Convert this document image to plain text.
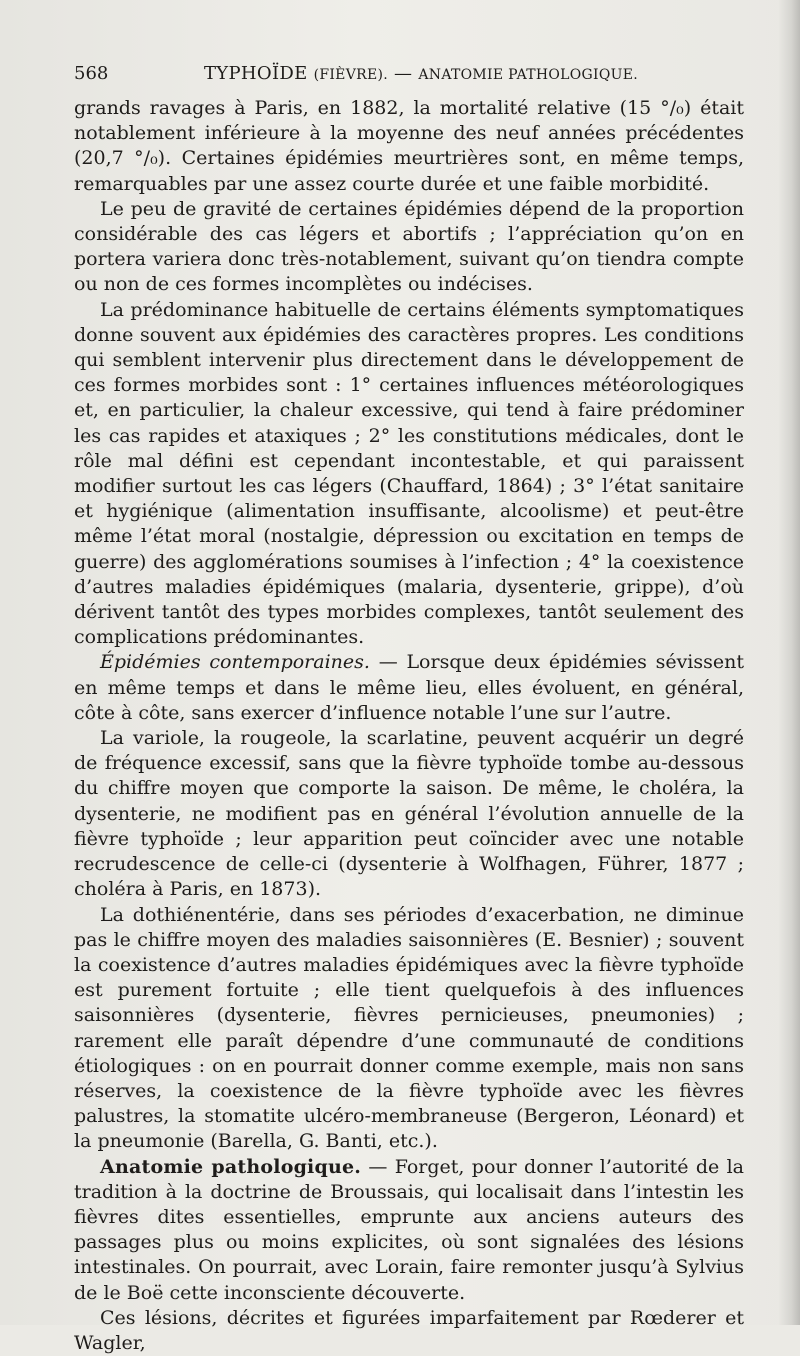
568	TYPHOÏDE (FIÈVRE). — ANATOMIE PATHOLOGIQUE.

grands ravages à Paris, en 1882, la mortalité relative (15 °/₀) était notablement inférieure à la moyenne des neuf années précédentes (20,7 °/₀). Certaines épidémies meurtrières sont, en même temps, remarquables par une assez courte durée et une faible morbidité.

Le peu de gravité de certaines épidémies dépend de la proportion considérable des cas légers et abortifs ; l’appréciation qu’on en portera variera donc très-notablement, suivant qu’on tiendra compte ou non de ces formes incomplètes ou indécises.

La prédominance habituelle de certains éléments symptomatiques donne souvent aux épidémies des caractères propres. Les conditions qui semblent intervenir plus directement dans le développement de ces formes morbides sont : 1° certaines influences météorologiques et, en particulier, la chaleur excessive, qui tend à faire prédominer les cas rapides et ataxiques ; 2° les constitutions médicales, dont le rôle mal défini est cependant incontestable, et qui paraissent modifier surtout les cas légers (Chauffard, 1864) ; 3° l’état sanitaire et hygiénique (alimentation insuffisante, alcoolisme) et peut-être même l’état moral (nostalgie, dépression ou excitation en temps de guerre) des agglomérations soumises à l’infection ; 4° la coexistence d’autres maladies épidémiques (malaria, dysenterie, grippe), d’où dérivent tantôt des types morbides complexes, tantôt seulement des complications prédominantes.

Épidémies contemporaines. — Lorsque deux épidémies sévissent en même temps et dans le même lieu, elles évoluent, en général, côte à côte, sans exercer d’influence notable l’une sur l’autre.

La variole, la rougeole, la scarlatine, peuvent acquérir un degré de fréquence excessif, sans que la fièvre typhoïde tombe au-dessous du chiffre moyen que comporte la saison. De même, le choléra, la dysenterie, ne modifient pas en général l’évolution annuelle de la fièvre typhoïde ; leur apparition peut coïncider avec une notable recrudescence de celle-ci (dysenterie à Wolfhagen, Führer, 1877 ; choléra à Paris, en 1873).

La dothiénentérie, dans ses périodes d’exacerbation, ne diminue pas le chiffre moyen des maladies saisonnières (E. Besnier) ; souvent la coexistence d’autres maladies épidémiques avec la fièvre typhoïde est purement fortuite ; elle tient quelquefois à des influences saisonnières (dysenterie, fièvres pernicieuses, pneumonies) ; rarement elle paraît dépendre d’une communauté de conditions étiologiques : on en pourrait donner comme exemple, mais non sans réserves, la coexistence de la fièvre typhoïde avec les fièvres palustres, la stomatite ulcéro-membraneuse (Bergeron, Léonard) et la pneumonie (Barella, G. Banti, etc.).

Anatomie pathologique. — Forget, pour donner l’autorité de la tradition à la doctrine de Broussais, qui localisait dans l’intestin les fièvres dites essentielles, emprunte aux anciens auteurs des passages plus ou moins explicites, où sont signalées des lésions intestinales. On pourrait, avec Lorain, faire remonter jusqu’à Sylvius de le Boë cette inconsciente découverte.

Ces lésions, décrites et figurées imparfaitement par Rœderer et Wagler,
